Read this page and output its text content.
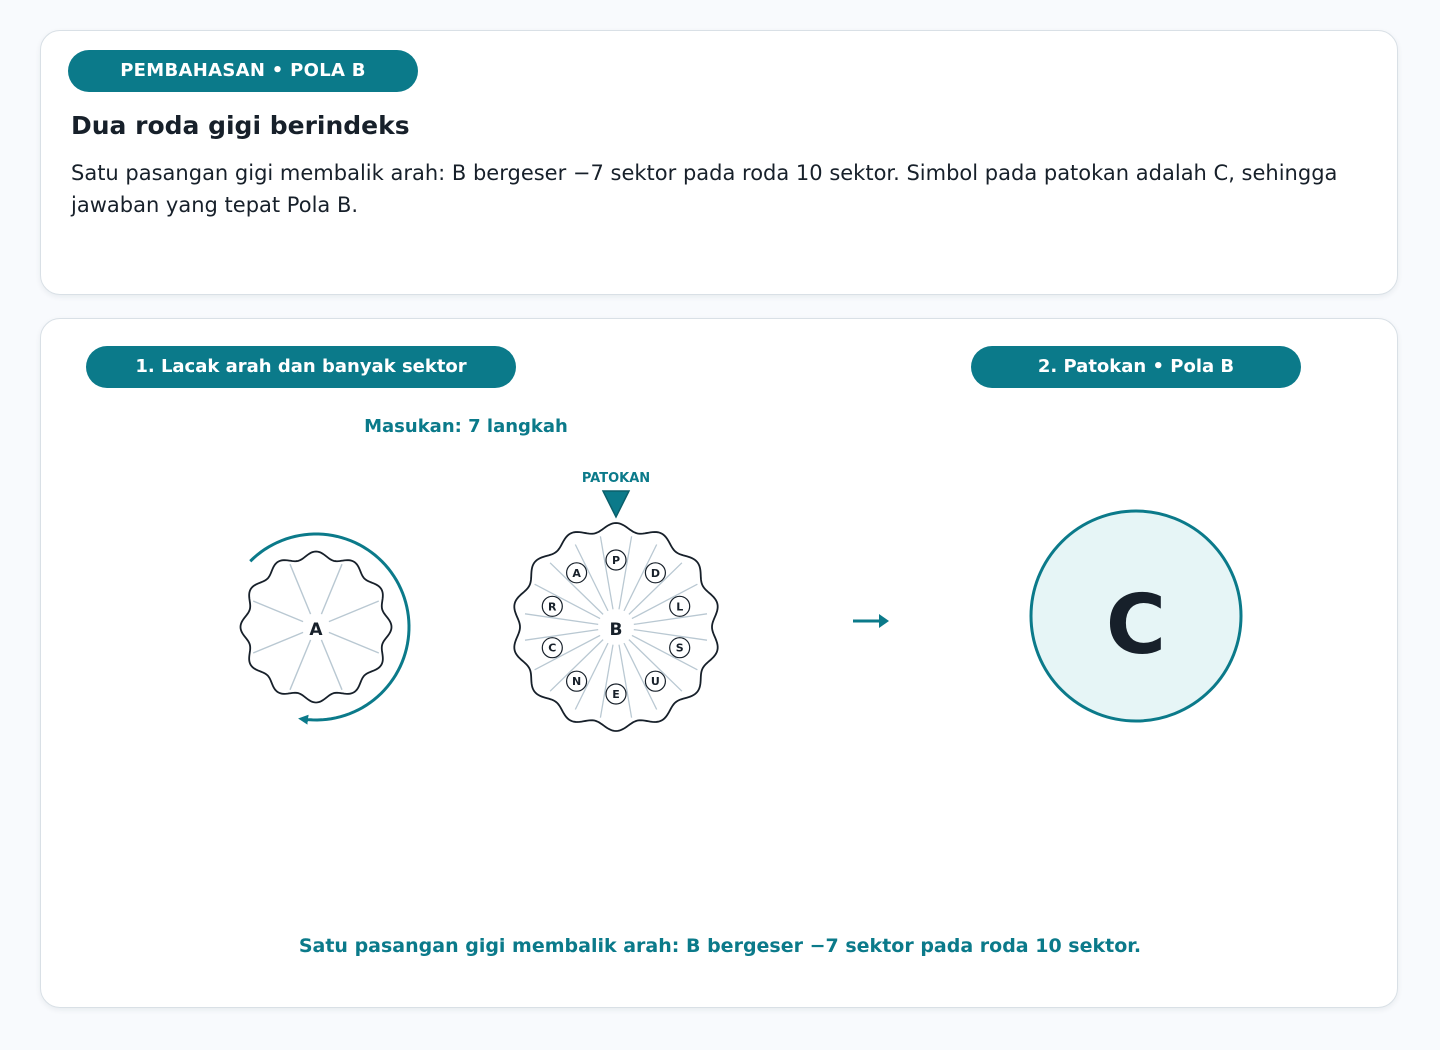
PEMBAHASAN • POLA B
Dua roda gigi berindeks

Satu pasangan gigi membalik arah: B bergeser −7 sektor pada roda 10 sektor. Simbol pada patokan adalah C, sehingga jawaban yang tepat Pola B.

1. Lacak arah dan banyak sektor	2. Patokan • Pola B
Masukan: 7 langkah
A
P
D
L
S
U
E
N
C
R
A
B
PATOKAN
C
Satu pasangan gigi membalik arah: B bergeser −7 sektor pada roda 10 sektor.
